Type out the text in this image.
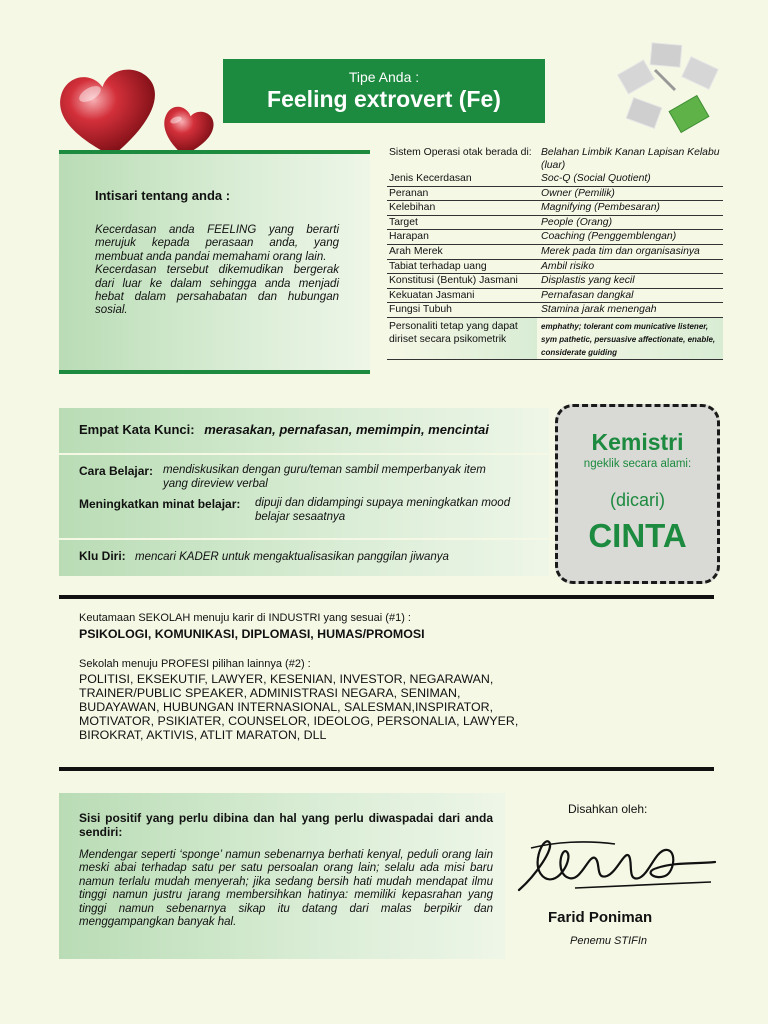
Tipe Anda :
Feeling extrovert (Fe)
Intisari tentang anda :
Kecerdasan anda FEELING yang berarti merujuk kepada perasaan anda, yang membuat anda pandai memahami orang lain.
Kecerdasan tersebut dikemudikan bergerak dari luar ke dalam sehingga anda menjadi hebat dalam persahabatan dan hubungan sosial.
Sistem Operasi otak berada di:	Belahan Limbik Kanan Lapisan Kelabu (luar)
Jenis Kecerdasan	Soc-Q (Social Quotient)
Peranan	Owner (Pemilik)
Kelebihan	Magnifying (Pembesaran)
Target	People (Orang)
Harapan	Coaching (Penggemblengan)
Arah Merek	Merek pada tim dan organisasinya
Tabiat terhadap uang	Ambil risiko
Konstitusi (Bentuk) Jasmani	Displastis yang kecil
Kekuatan Jasmani	Pernafasan dangkal
Fungsi Tubuh	Stamina jarak menengah
Personaliti tetap yang dapat diriset secara psikometrik	emphathy; tolerant com municative listener, sym pathetic, persuasive affectionate, enable, considerate guiding
Empat Kata Kunci: merasakan, pernafasan, memimpin, mencintai
Cara Belajar: mendiskusikan dengan guru/teman sambil memperbanyak item
yang direview verbal
Meningkatkan minat belajar: dipuji dan didampingi supaya meningkatkan mood
belajar sesaatnya
Klu Diri: mencari KADER untuk mengaktualisasikan panggilan jiwanya
Kemistri
ngeklik secara alami:
(dicari)
CINTA
Keutamaan SEKOLAH menuju karir di INDUSTRI yang sesuai (#1) :
PSIKOLOGI, KOMUNIKASI, DIPLOMASI, HUMAS/PROMOSI
Sekolah menuju PROFESI pilihan lainnya (#2) :
POLITISI, EKSEKUTIF, LAWYER, KESENIAN, INVESTOR, NEGARAWAN,
TRAINER/PUBLIC SPEAKER, ADMINISTRASI NEGARA, SENIMAN,
BUDAYAWAN, HUBUNGAN INTERNASIONAL, SALESMAN,INSPIRATOR,
MOTIVATOR, PSIKIATER, COUNSELOR, IDEOLOG, PERSONALIA, LAWYER,
BIROKRAT, AKTIVIS, ATLIT MARATON, DLL
Sisi positif yang perlu dibina dan hal yang perlu diwaspadai dari anda sendiri:
Mendengar seperti ‘sponge’ namun sebenarnya berhati kenyal, peduli orang lain meski abai terhadap satu per satu persoalan orang lain; selalu ada misi baru namun terlalu mudah menyerah; jika sedang bersih hati mudah mendapat ilmu tinggi namun justru jarang membersihkan hatinya: memiliki kepasrahan yang tinggi namun sebenarnya sikap itu datang dari malas berpikir dan menggampangkan banyak hal.
Disahkan oleh:
Farid Poniman
Penemu STIFIn
